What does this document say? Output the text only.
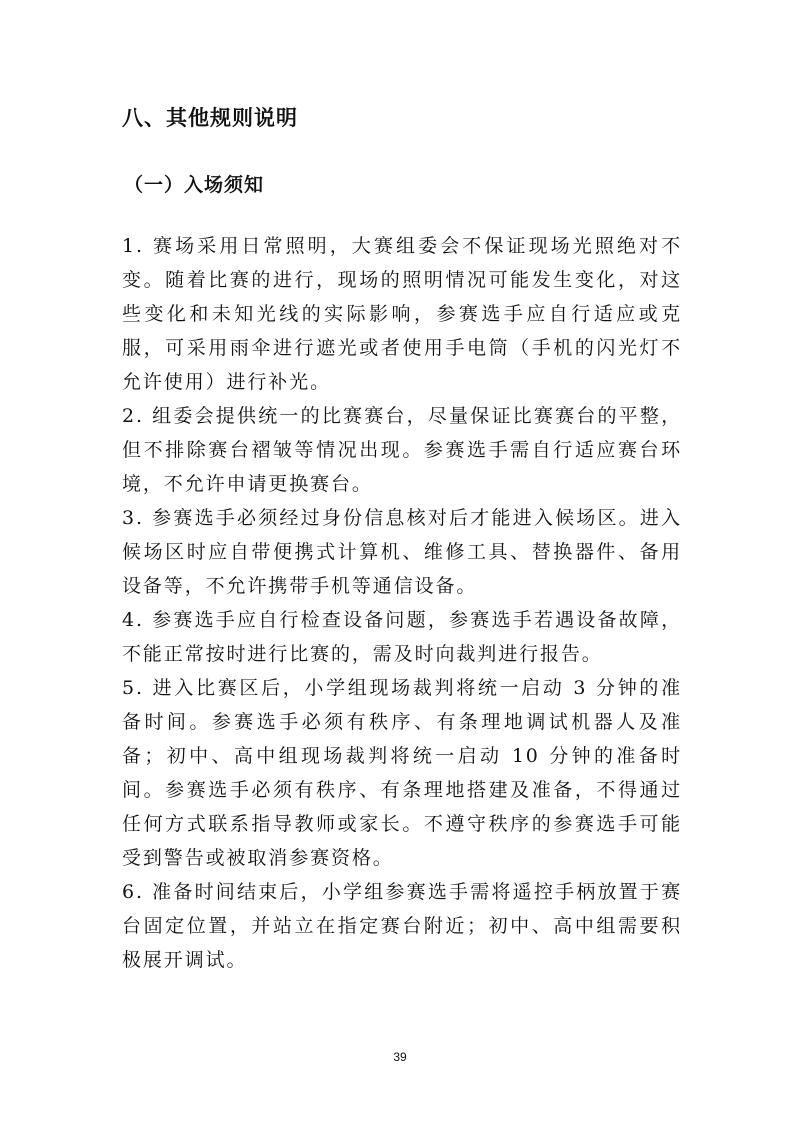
八、其他规则说明
（一）入场须知

1. 赛场采用日常照明，大赛组委会不保证现场光照绝对不变。随着比赛的进行，现场的照明情况可能发生变化，对这些变化和未知光线的实际影响，参赛选手应自行适应或克服，可采用雨伞进行遮光或者使用手电筒（手机的闪光灯不允许使用）进行补光。

2. 组委会提供统一的比赛赛台，尽量保证比赛赛台的平整，但不排除赛台褶皱等情况出现。参赛选手需自行适应赛台环境，不允许申请更换赛台。

3. 参赛选手必须经过身份信息核对后才能进入候场区。进入候场区时应自带便携式计算机、维修工具、替换器件、备用设备等，不允许携带手机等通信设备。

4. 参赛选手应自行检查设备问题，参赛选手若遇设备故障，不能正常按时进行比赛的，需及时向裁判进行报告。

5. 进入比赛区后，小学组现场裁判将统一启动 3 分钟的准备时间。参赛选手必须有秩序、有条理地调试机器人及准备；初中、高中组现场裁判将统一启动 10 分钟的准备时间。参赛选手必须有秩序、有条理地搭建及准备，不得通过任何方式联系指导教师或家长。不遵守秩序的参赛选手可能受到警告或被取消参赛资格。

6. 准备时间结束后，小学组参赛选手需将遥控手柄放置于赛台固定位置，并站立在指定赛台附近；初中、高中组需要积极展开调试。

39
